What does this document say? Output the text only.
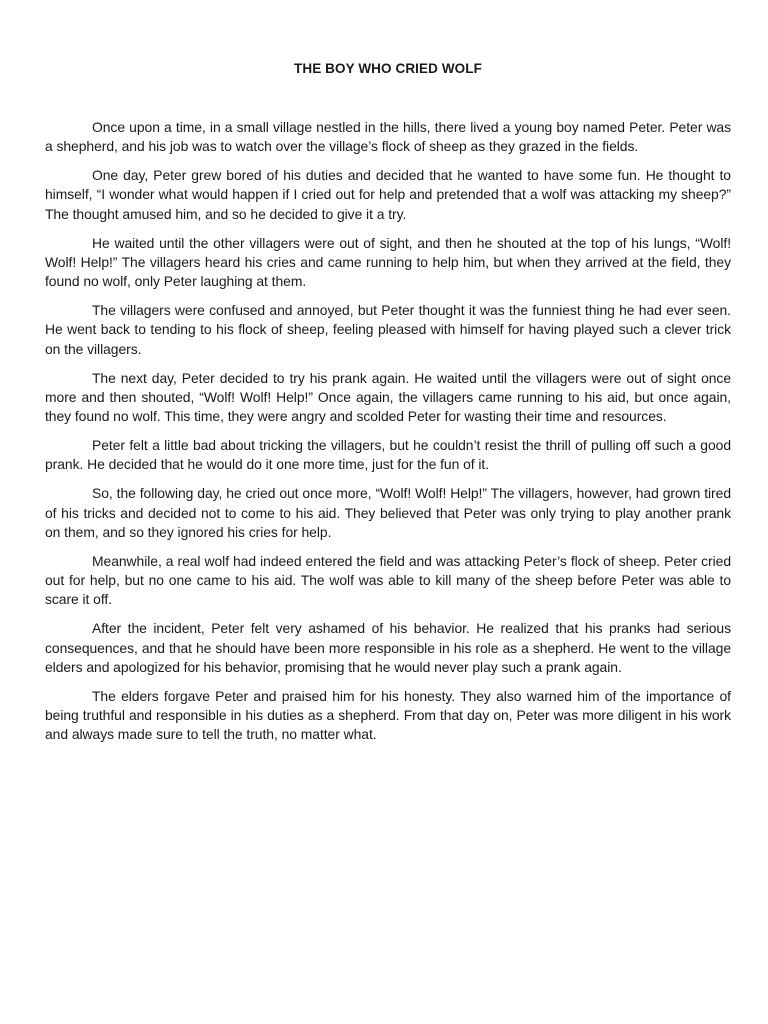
THE BOY WHO CRIED WOLF

Once upon a time, in a small village nestled in the hills, there lived a young boy named Peter. Peter was a shepherd, and his job was to watch over the village’s flock of sheep as they grazed in the fields.

One day, Peter grew bored of his duties and decided that he wanted to have some fun. He thought to himself, “I wonder what would happen if I cried out for help and pretended that a wolf was attacking my sheep?” The thought amused him, and so he decided to give it a try.

He waited until the other villagers were out of sight, and then he shouted at the top of his lungs, “Wolf! Wolf! Help!” The villagers heard his cries and came running to help him, but when they arrived at the field, they found no wolf, only Peter laughing at them.

The villagers were confused and annoyed, but Peter thought it was the funniest thing he had ever seen. He went back to tending to his flock of sheep, feeling pleased with himself for having played such a clever trick on the villagers.

The next day, Peter decided to try his prank again. He waited until the villagers were out of sight once more and then shouted, “Wolf! Wolf! Help!” Once again, the villagers came running to his aid, but once again, they found no wolf. This time, they were angry and scolded Peter for wasting their time and resources.

Peter felt a little bad about tricking the villagers, but he couldn’t resist the thrill of pulling off such a good prank. He decided that he would do it one more time, just for the fun of it.

So, the following day, he cried out once more, “Wolf! Wolf! Help!” The villagers, however, had grown tired of his tricks and decided not to come to his aid. They believed that Peter was only trying to play another prank on them, and so they ignored his cries for help.

Meanwhile, a real wolf had indeed entered the field and was attacking Peter’s flock of sheep. Peter cried out for help, but no one came to his aid. The wolf was able to kill many of the sheep before Peter was able to scare it off.

After the incident, Peter felt very ashamed of his behavior. He realized that his pranks had serious consequences, and that he should have been more responsible in his role as a shepherd. He went to the village elders and apologized for his behavior, promising that he would never play such a prank again.

The elders forgave Peter and praised him for his honesty. They also warned him of the importance of being truthful and responsible in his duties as a shepherd. From that day on, Peter was more diligent in his work and always made sure to tell the truth, no matter what.
